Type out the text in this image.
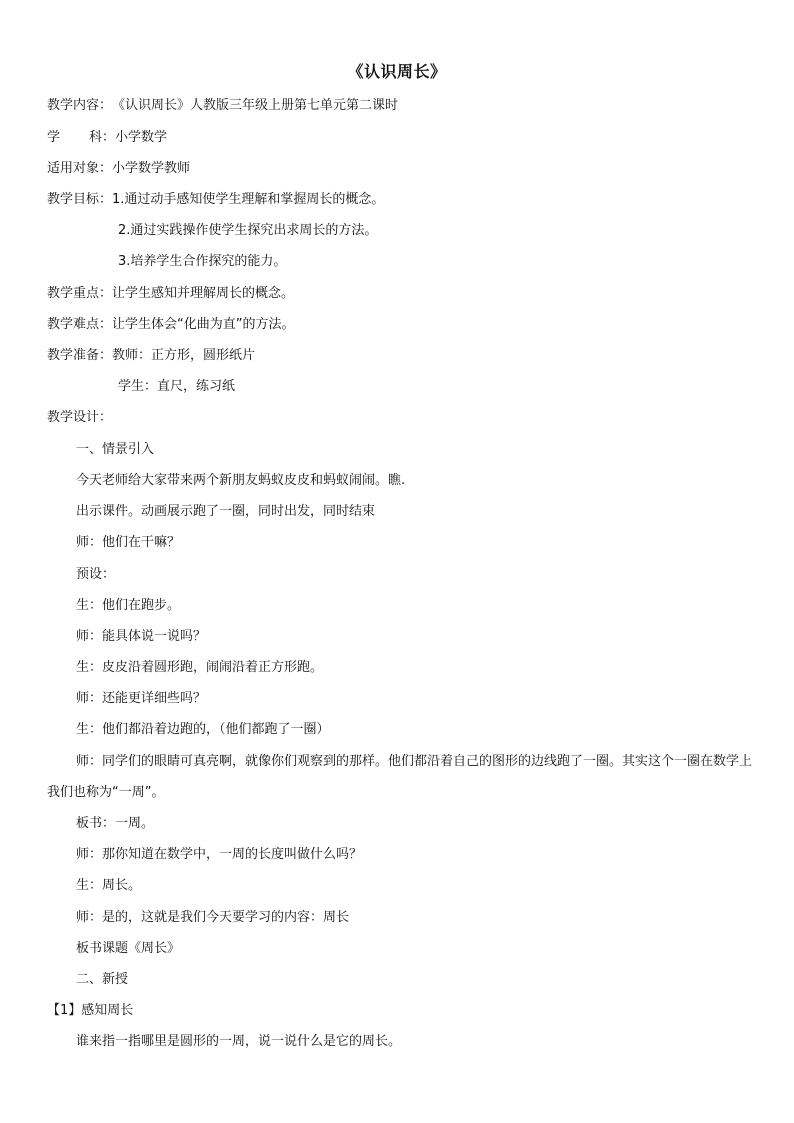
《认识周长》
教学内容：《认识周长》人教版三年级上册第七单元第二课时
学 科：小学数学
适用对象：小学数学教师
教学目标：1.通过动手感知使学生理解和掌握周长的概念。
2.通过实践操作使学生探究出求周长的方法。
3.培养学生合作探究的能力。
教学重点：让学生感知并理解周长的概念。
教学难点：让学生体会“化曲为直”的方法。
教学准备：教师：正方形，圆形纸片
学生：直尺，练习纸
教学设计：
一、情景引入
今天老师给大家带来两个新朋友蚂蚁皮皮和蚂蚁闹闹。瞧.
出示课件。动画展示跑了一圈，同时出发，同时结束
师：他们在干嘛？
预设：
生：他们在跑步。
师：能具体说一说吗？
生：皮皮沿着圆形跑，闹闹沿着正方形跑。
师：还能更详细些吗？
生：他们都沿着边跑的，（他们都跑了一圈）
师：同学们的眼睛可真亮啊，就像你们观察到的那样。他们都沿着自己的图形的边线跑了一圈。其实这个一圈在数学上我们也称为“一周”。
板书：一周。
师：那你知道在数学中，一周的长度叫做什么吗？
生：周长。
师：是的，这就是我们今天要学习的内容：周长
板书课题《周长》
二、新授
【1】感知周长
谁来指一指哪里是圆形的一周，说一说什么是它的周长。
